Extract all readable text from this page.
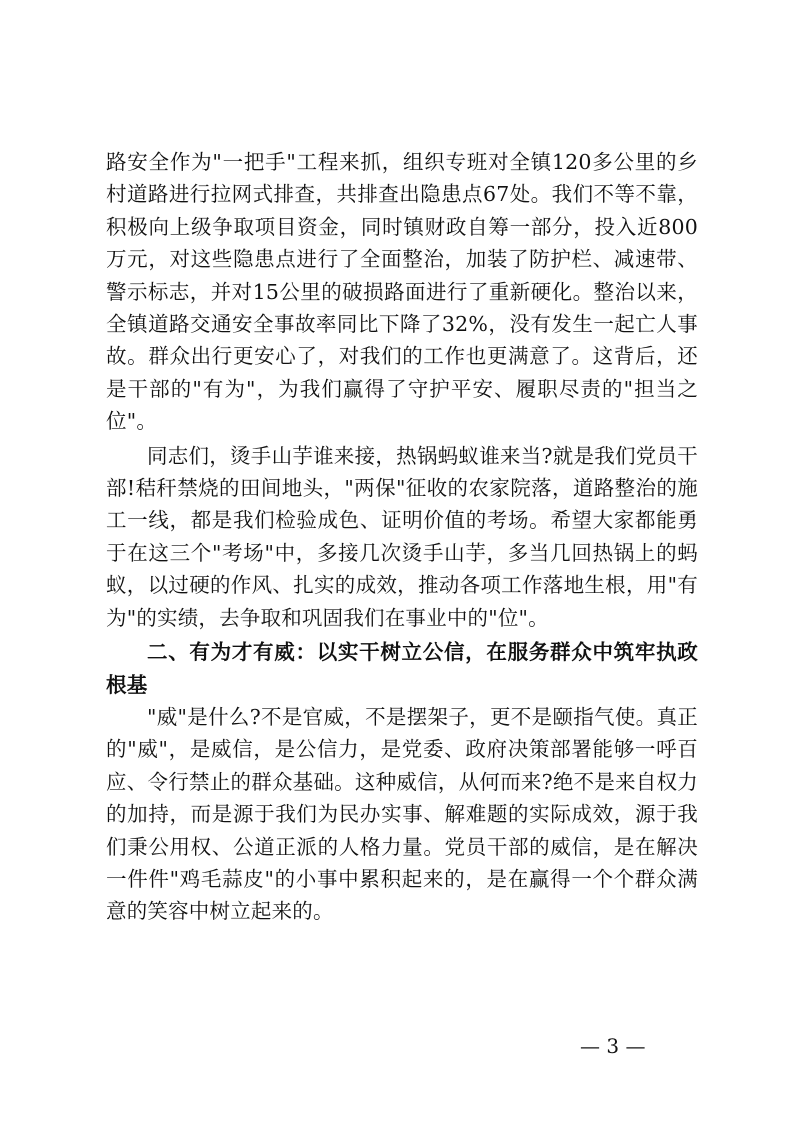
路安全作为"一把手"工程来抓，组织专班对全镇120多公里的乡村道路进行拉网式排查，共排查出隐患点67处。我们不等不靠，积极向上级争取项目资金，同时镇财政自筹一部分，投入近800万元，对这些隐患点进行了全面整治，加装了防护栏、减速带、警示标志，并对15公里的破损路面进行了重新硬化。整治以来，全镇道路交通安全事故率同比下降了32%，没有发生一起亡人事故。群众出行更安心了，对我们的工作也更满意了。这背后，还是干部的"有为"，为我们赢得了守护平安、履职尽责的"担当之位"。

同志们，烫手山芋谁来接，热锅蚂蚁谁来当?就是我们党员干部!秸秆禁烧的田间地头，"两保"征收的农家院落，道路整治的施工一线，都是我们检验成色、证明价值的考场。希望大家都能勇于在这三个"考场"中，多接几次烫手山芋，多当几回热锅上的蚂蚁，以过硬的作风、扎实的成效，推动各项工作落地生根，用"有为"的实绩，去争取和巩固我们在事业中的"位"。

二、有为才有威：以实干树立公信，在服务群众中筑牢执政根基

"威"是什么?不是官威，不是摆架子，更不是颐指气使。真正的"威"，是威信，是公信力，是党委、政府决策部署能够一呼百应、令行禁止的群众基础。这种威信，从何而来?绝不是来自权力的加持，而是源于我们为民办实事、解难题的实际成效，源于我们秉公用权、公道正派的人格力量。党员干部的威信，是在解决一件件"鸡毛蒜皮"的小事中累积起来的，是在赢得一个个群众满意的笑容中树立起来的。

— 3 —
